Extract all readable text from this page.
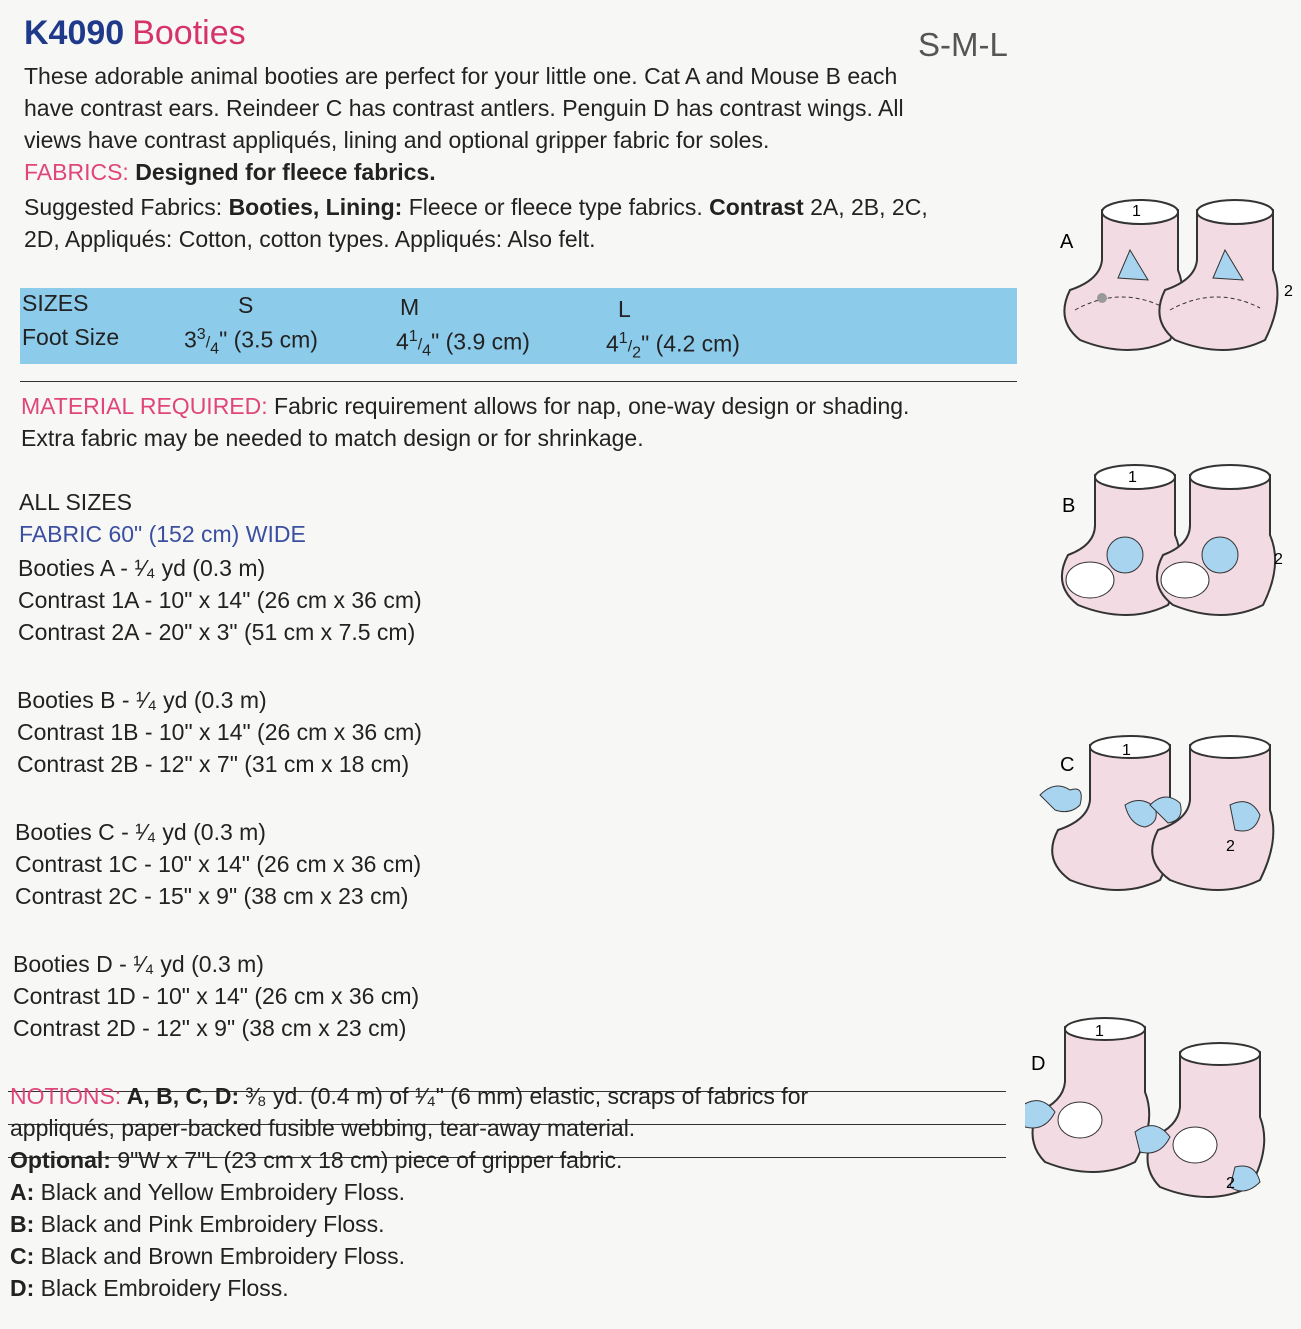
K4090 Booties	S-M-L
These adorable animal booties are perfect for your little one. Cat A and Mouse B each
have contrast ears. Reindeer C has contrast antlers. Penguin D has contrast wings. All
views have contrast appliqués, lining and optional gripper fabric for soles.
FABRICS: Designed for fleece fabrics.
Suggested Fabrics: Booties, Lining: Fleece or fleece type fabrics. Contrast 2A, 2B, 2C,
2D, Appliqués: Cotton, cotton types. Appliqués: Also felt.
SIZES	S	M	L
Foot Size	$3^3/_4$" (3.5 cm)	$4^1/_4$" (3.9 cm)	$4^1/_2$" (4.2 cm)
MATERIAL REQUIRED: Fabric requirement allows for nap, one-way design or shading.
Extra fabric may be needed to match design or for shrinkage.
ALL SIZES
FABRIC 60" (152 cm) WIDE
Booties A - ¹⁄₄ yd (0.3 m)
Contrast 1A - 10" x 14" (26 cm x 36 cm)
Contrast 2A - 20" x 3" (51 cm x 7.5 cm)
Booties B - ¹⁄₄ yd (0.3 m)
Contrast 1B - 10" x 14" (26 cm x 36 cm)
Contrast 2B - 12" x 7" (31 cm x 18 cm)
Booties C - ¹⁄₄ yd (0.3 m)
Contrast 1C - 10" x 14" (26 cm x 36 cm)
Contrast 2C - 15" x 9" (38 cm x 23 cm)
Booties D - ¹⁄₄ yd (0.3 m)
Contrast 1D - 10" x 14" (26 cm x 36 cm)
Contrast 2D - 12" x 9" (38 cm x 23 cm)
NOTIONS: A, B, C, D: ³⁄₈ yd. (0.4 m) of ¹⁄₄" (6 mm) elastic, scraps of fabrics for
appliqués, paper-backed fusible webbing, tear-away material.
Optional: 9"W x 7"L (23 cm x 18 cm) piece of gripper fabric.
A: Black and Yellow Embroidery Floss.
B: Black and Pink Embroidery Floss.
C: Black and Brown Embroidery Floss.
D: Black Embroidery Floss.
A
1
2
B
1
2
C
1
2
D
1
2
